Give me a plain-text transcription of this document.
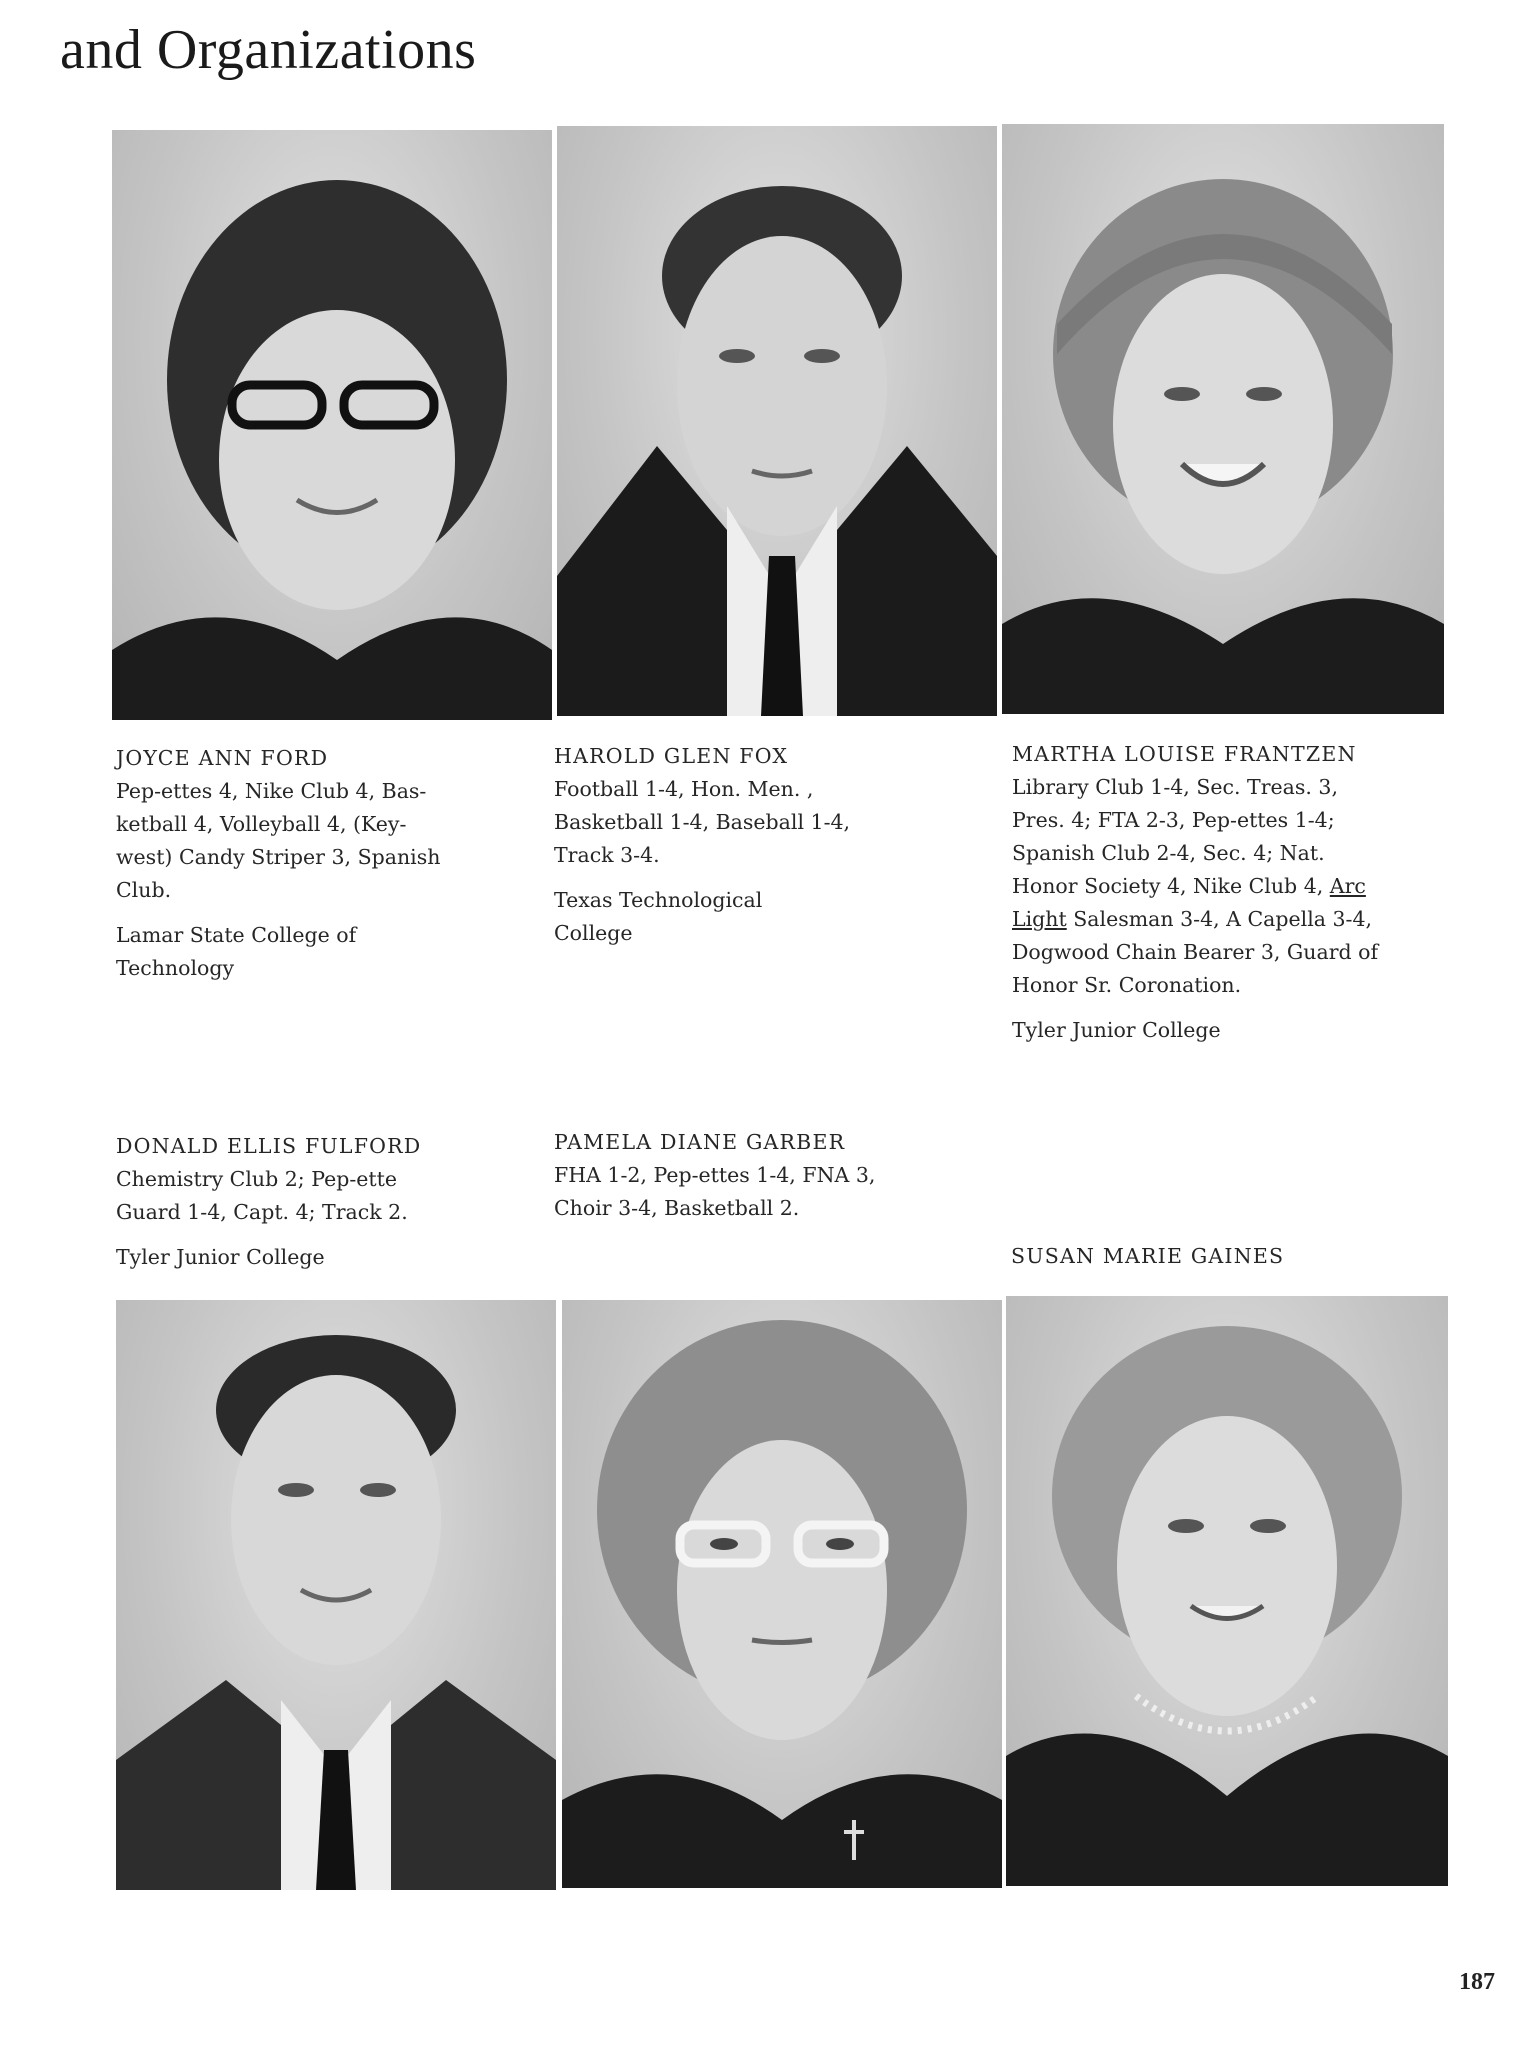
and Organizations
JOYCE ANN FORD
Pep-ettes 4, Nike Club 4, Bas-
ketball 4, Volleyball 4, (Key-
west) Candy Striper 3, Spanish
Club.
Lamar State College of
Technology
HAROLD GLEN FOX
Football 1-4, Hon. Men. ,
Basketball 1-4, Baseball 1-4,
Track 3-4.
Texas Technological
College
MARTHA LOUISE FRANTZEN
Library Club 1-4, Sec. Treas. 3,
Pres. 4; FTA 2-3, Pep-ettes 1-4;
Spanish Club 2-4, Sec. 4; Nat.
Honor Society 4, Nike Club 4, Arc
Light Salesman 3-4, A Capella 3-4,
Dogwood Chain Bearer 3, Guard of
Honor Sr. Coronation.
Tyler Junior College
DONALD ELLIS FULFORD
Chemistry Club 2; Pep-ette
Guard 1-4, Capt. 4; Track 2.
Tyler Junior College
PAMELA DIANE GARBER
FHA 1-2, Pep-ettes 1-4, FNA 3,
Choir 3-4, Basketball 2.
SUSAN MARIE GAINES
187
